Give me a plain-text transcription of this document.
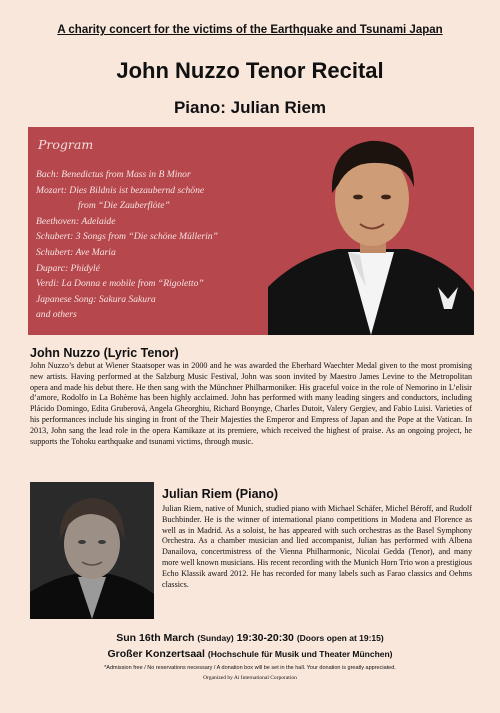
A charity concert for the victims of the Earthquake and Tsunami Japan
John Nuzzo Tenor Recital
Piano: Julian Riem
Program
Bach: Benedictus from Mass in B Minor
Mozart: Dies Bildnis ist bezaubernd schöne
from “Die Zauberflöte”
Beethoven: Adelaide
Schubert: 3 Songs from “Die schöne Müllerin”
Schubert: Ave Maria
Duparc: Phidylé
Verdi: La Donna e mobile from “Rigoletto”
Japanese Song: Sakura Sakura
and others
John Nuzzo (Lyric Tenor)

John Nuzzo’s debut at Wiener Staatsoper was in 2000 and he was awarded the Eberhard Waechter Medal given to the most promising new artists. Having performed at the Salzburg Music Festival, John was soon invited by Maestro James Levine to the Metropolitan opera and made his debut there. He then sang with the Münchner Philharmoniker. His graceful voice in the role of Nemorino in L’elisir d’amore, Rodolfo in La Bohème has been highly acclaimed. John has performed with many leading singers and conductors, including Plácido Domingo, Edita Gruberová, Angela Gheorghiu, Richard Bonynge, Charles Dutoit, Valery Gergiev, and Fabio Luisi. Varieties of his performances include his singing in front of the Their Majesties the Emperor and Empress of Japan and the Pope at the Vatican. In 2013, John sang the lead role in the opera Kamikaze at its premiere, which received the highest of praise. As an ongoing project, he supports the Tohoku earthquake and tsunami victims, through music.

Julian Riem (Piano)

Julian Riem, native of Munich, studied piano with Michael Schäfer, Michel Béroff, and Rudolf Buchbinder. He is the winner of international piano competitions in Modena and Florence as well as in Madrid. As a soloist, he has appeared with such orchestras as the Basel Symphony Orchestra. As a chamber musician and lied accompanist, Julian has performed with Albena Danailova, concertmistress of the Vienna Philharmonic, Nicolai Gedda (Tenor), and many more well known musicians. His recent recording with the Munich Horn Trio won a prestigious Echo Klassik award 2012. He has recorded for many labels such as Farao classics and Oehms classics.

Sun 16th March (Sunday) 19:30-20:30 (Doors open at 19:15)
Großer Konzertsaal (Hochschule für Musik und Theater München)
*Admission free / No reservations necessary / A donation box will be set in the hall. Your donation is greatly appreciated.
Organized by Ai International Corporation
